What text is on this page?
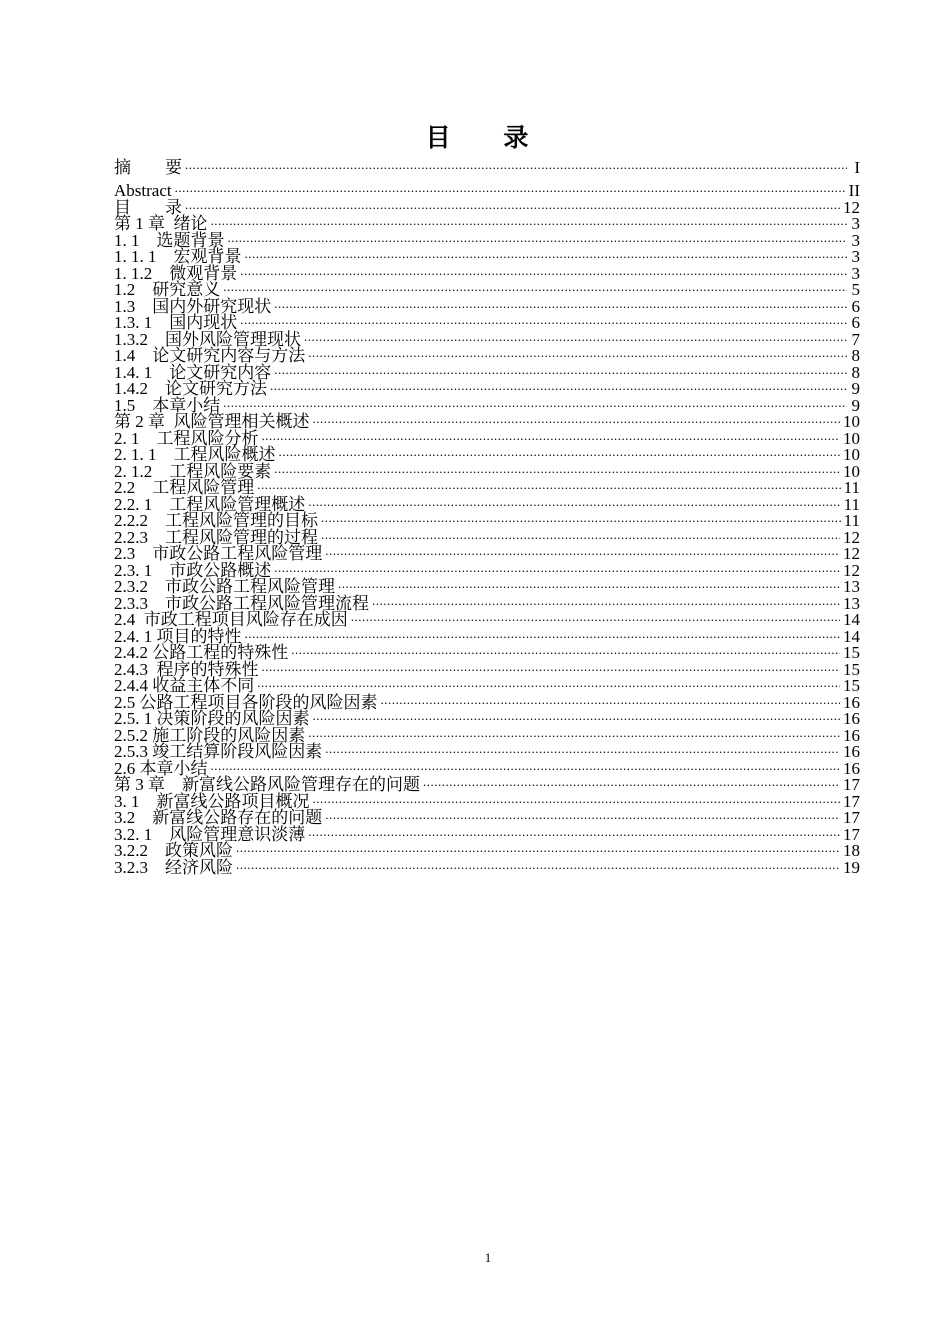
目 录
摘　　要 .....	I
Abstract .....	II
目　　录 .....	12
第 1 章  绪论 .....	3
1. 1　选题背景 .....	3
1. 1. 1　宏观背景 .....	3
1. 1.2　微观背景 .....	3
1.2　研究意义 .....	5
1.3　国内外研究现状 .....	6
1.3. 1　国内现状 .....	6
1.3.2　国外风险管理现状 .....	7
1.4　论文研究内容与方法 .....	8
1.4. 1　论文研究内容 .....	8
1.4.2　论文研究方法 .....	9
1.5　本章小结 .....	9
第 2 章  风险管理相关概述 .....	10
2. 1　工程风险分析 .....	10
2. 1. 1　工程风险概述 .....	10
2. 1.2　工程风险要素 .....	10
2.2　工程风险管理 .....	11
2.2. 1　工程风险管理概述 .....	11
2.2.2　工程风险管理的目标 .....	11
2.2.3　工程风险管理的过程 .....	12
2.3　市政公路工程风险管理 .....	12
2.3. 1　市政公路概述 .....	12
2.3.2　市政公路工程风险管理 .....	13
2.3.3　市政公路工程风险管理流程 .....	13
2.4  市政工程项目风险存在成因 .....	14
2.4. 1 项目的特性 .....	14
2.4.2 公路工程的特殊性 .....	15
2.4.3  程序的特殊性 .....	15
2.4.4 收益主体不同 .....	15
2.5 公路工程项目各阶段的风险因素 .....	16
2.5. 1 决策阶段的风险因素 .....	16
2.5.2 施工阶段的风险因素 .....	16
2.5.3 竣工结算阶段风险因素 .....	16
2.6 本章小结 .....	16
第 3 章　新富线公路风险管理存在的问题 .....	17
3. 1　新富线公路项目概况 .....	17
3.2　新富线公路存在的问题 .....	17
3.2. 1　风险管理意识淡薄 .....	17
3.2.2　政策风险 .....	18
3.2.3　经济风险 .....	19
1
